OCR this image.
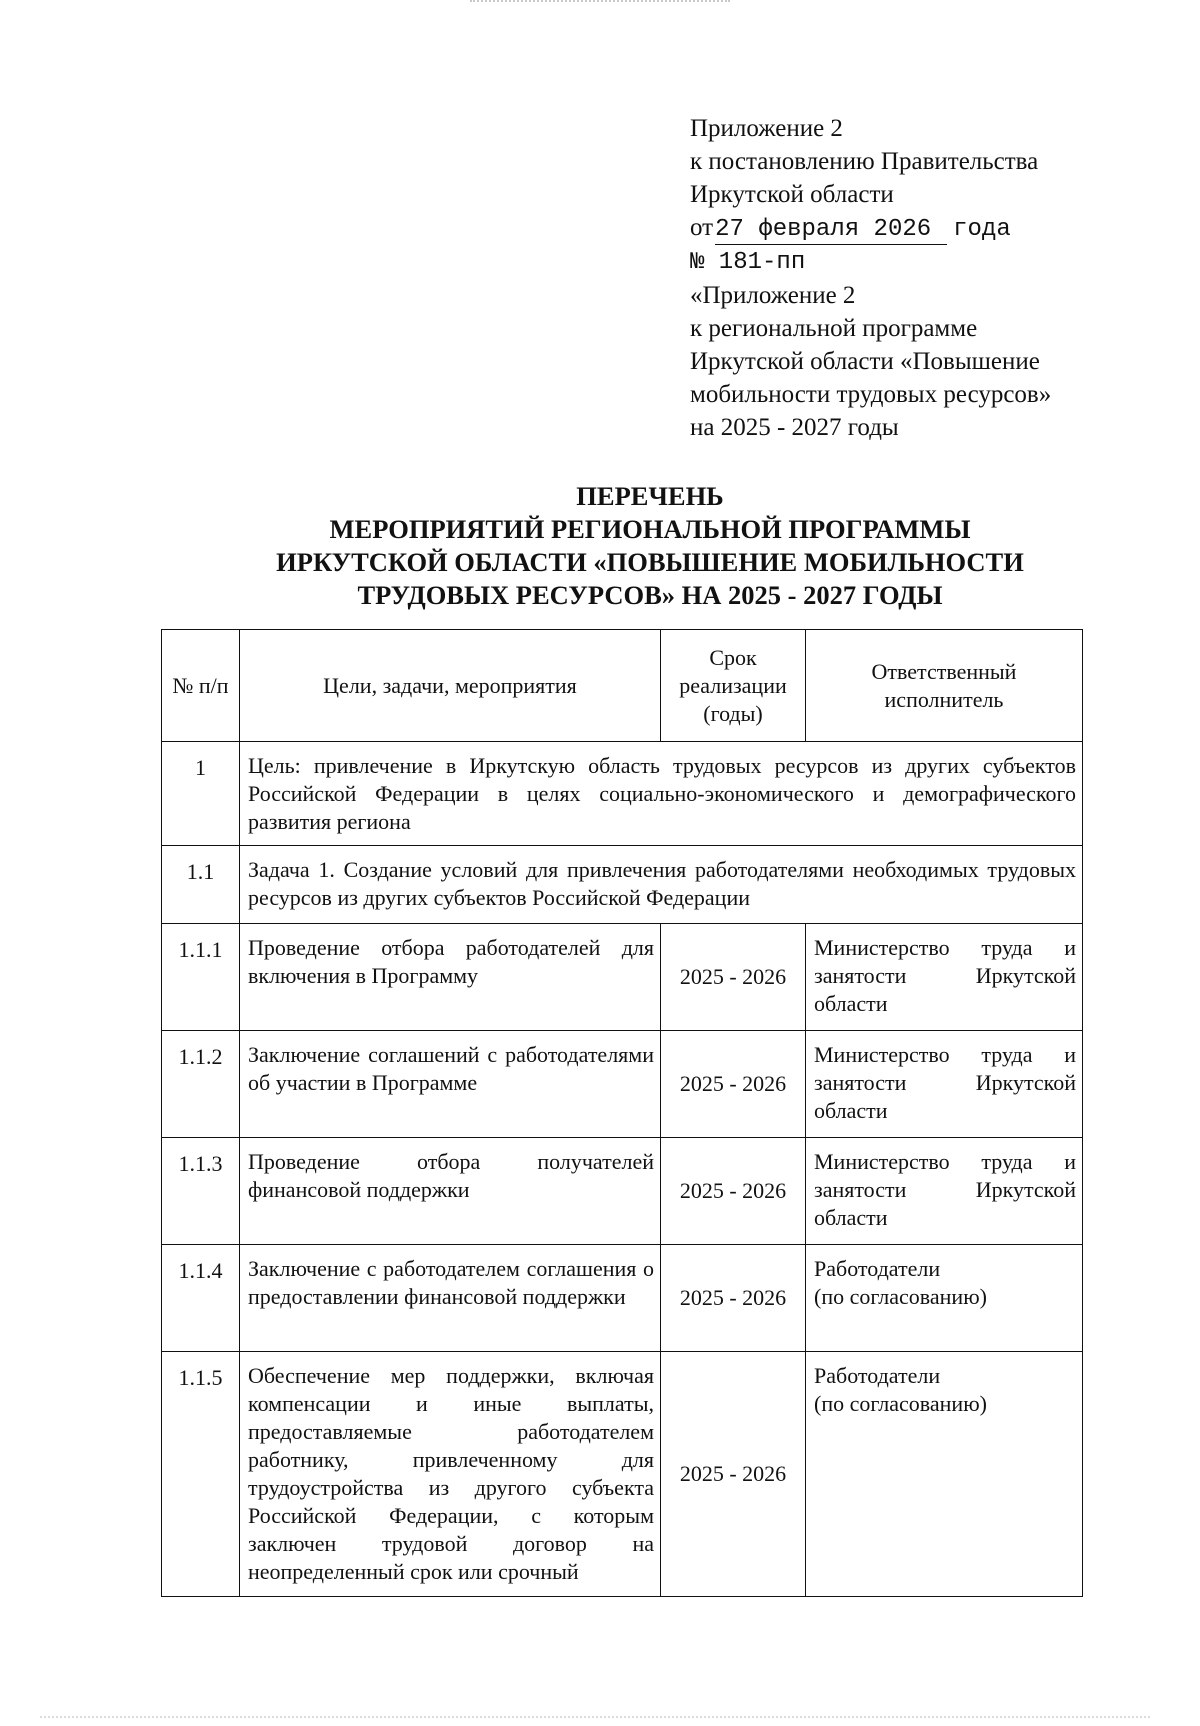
Приложение 2
к постановлению Правительства
Иркутской области
от27 февраля 2026 года
№ 181-пп
«Приложение 2
к региональной программе
Иркутской области «Повышение
мобильности трудовых ресурсов»
на 2025 - 2027 годы
ПЕРЕЧЕНЬ
МЕРОПРИЯТИЙ РЕГИОНАЛЬНОЙ ПРОГРАММЫ
ИРКУТСКОЙ ОБЛАСТИ «ПОВЫШЕНИЕ МОБИЛЬНОСТИ
ТРУДОВЫХ РЕСУРСОВ» НА 2025 - 2027 ГОДЫ
№ п/п	Цели, задачи, мероприятия	Срок реализации (годы)	Ответственный исполнитель
1	Цель: привлечение в Иркутскую область трудовых ресурсов из других субъектов Российской Федерации в целях социально-экономического и демографического развития региона		
1.1	Задача 1. Создание условий для привлечения работодателями необходимых трудовых ресурсов из других субъектов Российской Федерации		
1.1.1	Проведение отбора работодателей для включения в Программу	2025 - 2026	Министерство труда и занятости Иркутской области
1.1.2	Заключение соглашений с работодателями об участии в Программе	2025 - 2026	Министерство труда и занятости Иркутской области
1.1.3	Проведение отбора получателей финансовой поддержки	2025 - 2026	Министерство труда и занятости Иркутской области
1.1.4	Заключение с работодателем соглашения о предоставлении финансовой поддержки	2025 - 2026	Работодатели
(по согласованию)

1.1.5	Обеспечение мер поддержки, включая компенсации и иные выплаты, предоставляемые работодателем работнику, привлеченному для трудоустройства из другого субъекта Российской Федерации, с которым заключен трудовой договор на неопределенный срок или срочный	2025 - 2026	Работодатели
(по согласованию)
